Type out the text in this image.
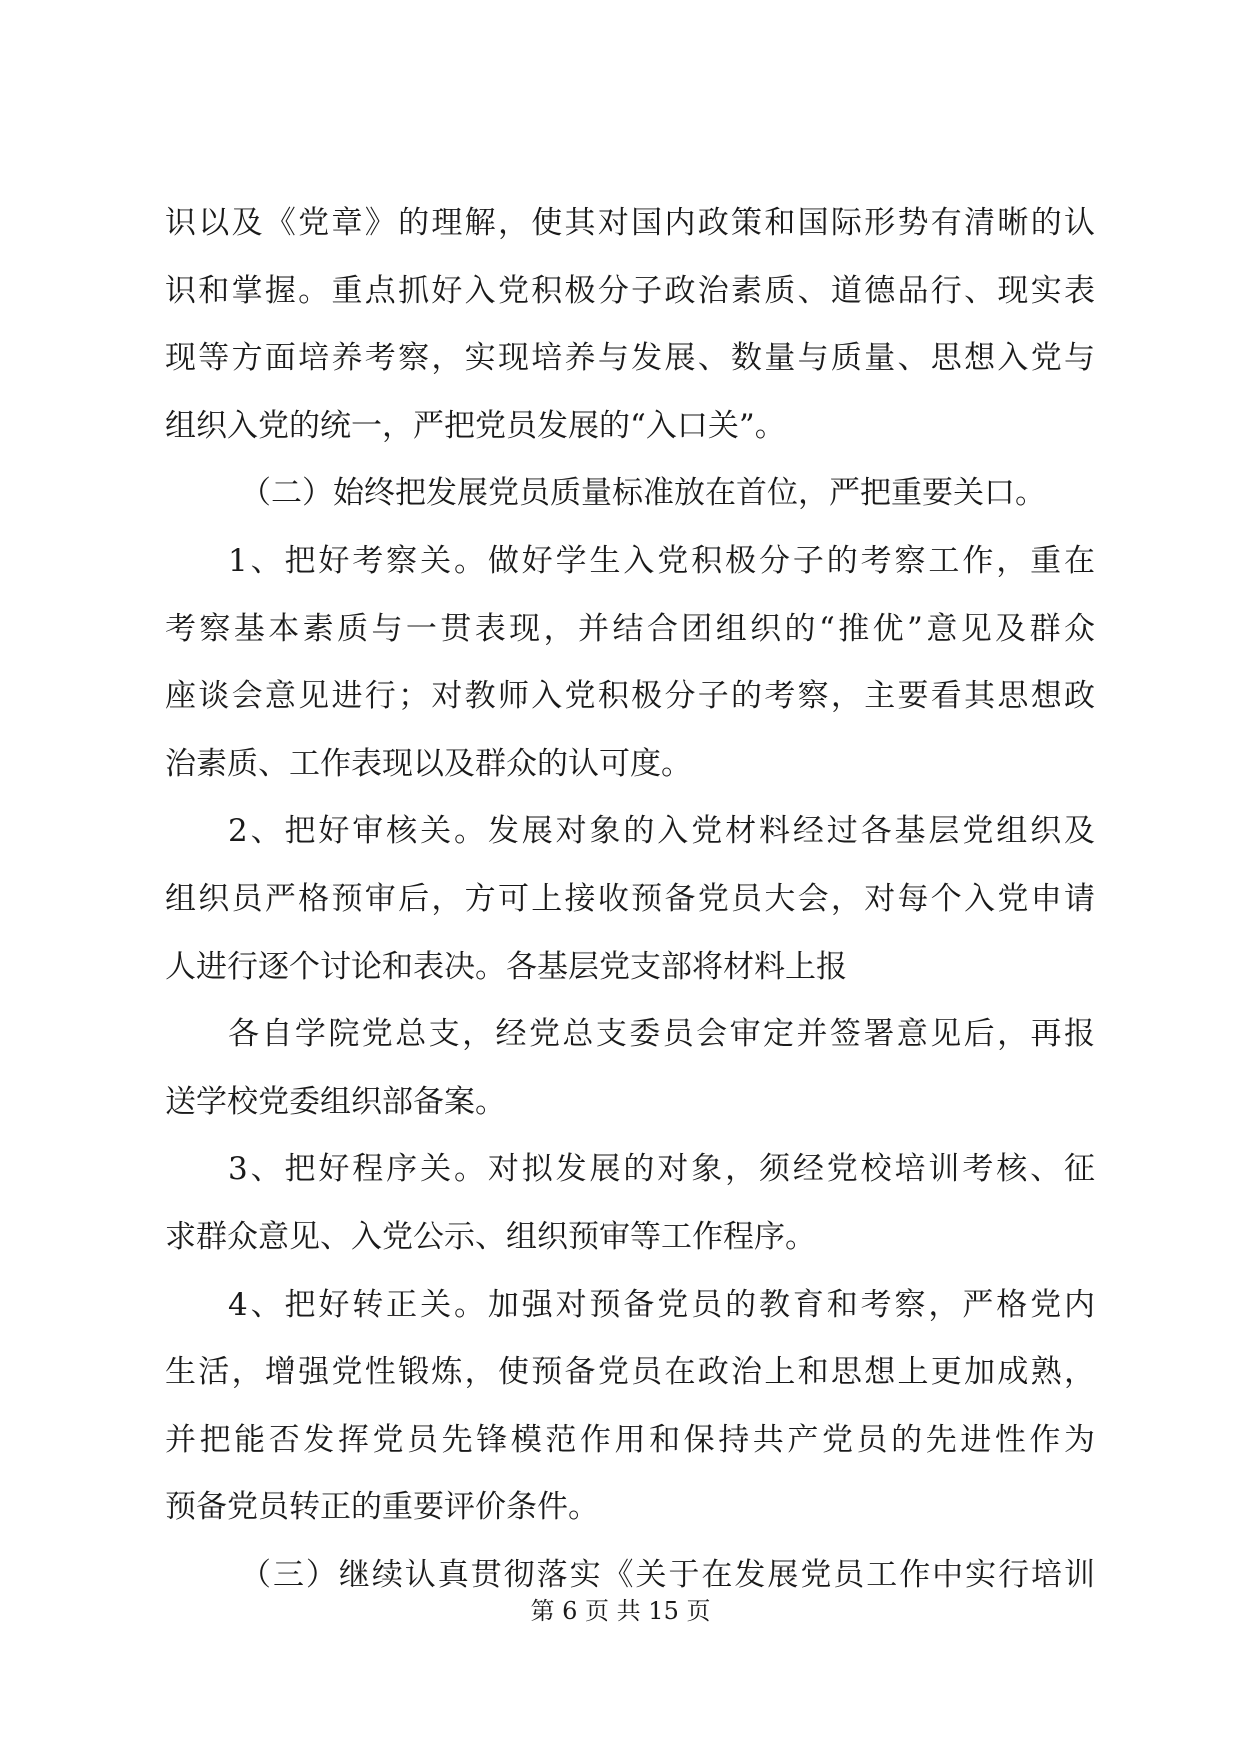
识以及《党章》的理解，使其对国内政策和国际形势有清晰的认
识和掌握。重点抓好入党积极分子政治素质、道德品行、现实表
现等方面培养考察，实现培养与发展、数量与质量、思想入党与
组织入党的统一，严把党员发展的“入口关”。
（二）始终把发展党员质量标准放在首位，严把重要关口。
1、把好考察关。做好学生入党积极分子的考察工作，重在
考察基本素质与一贯表现，并结合团组织的“推优”意见及群众
座谈会意见进行；对教师入党积极分子的考察，主要看其思想政
治素质、工作表现以及群众的认可度。
2、把好审核关。发展对象的入党材料经过各基层党组织及
组织员严格预审后，方可上接收预备党员大会，对每个入党申请
人进行逐个讨论和表决。各基层党支部将材料上报
各自学院党总支，经党总支委员会审定并签署意见后，再报
送学校党委组织部备案。
3、把好程序关。对拟发展的对象，须经党校培训考核、征
求群众意见、入党公示、组织预审等工作程序。
4、把好转正关。加强对预备党员的教育和考察，严格党内
生活，增强党性锻炼，使预备党员在政治上和思想上更加成熟，
并把能否发挥党员先锋模范作用和保持共产党员的先进性作为
预备党员转正的重要评价条件。
（三）继续认真贯彻落实《关于在发展党员工作中实行培训
第 6 页 共 15 页
